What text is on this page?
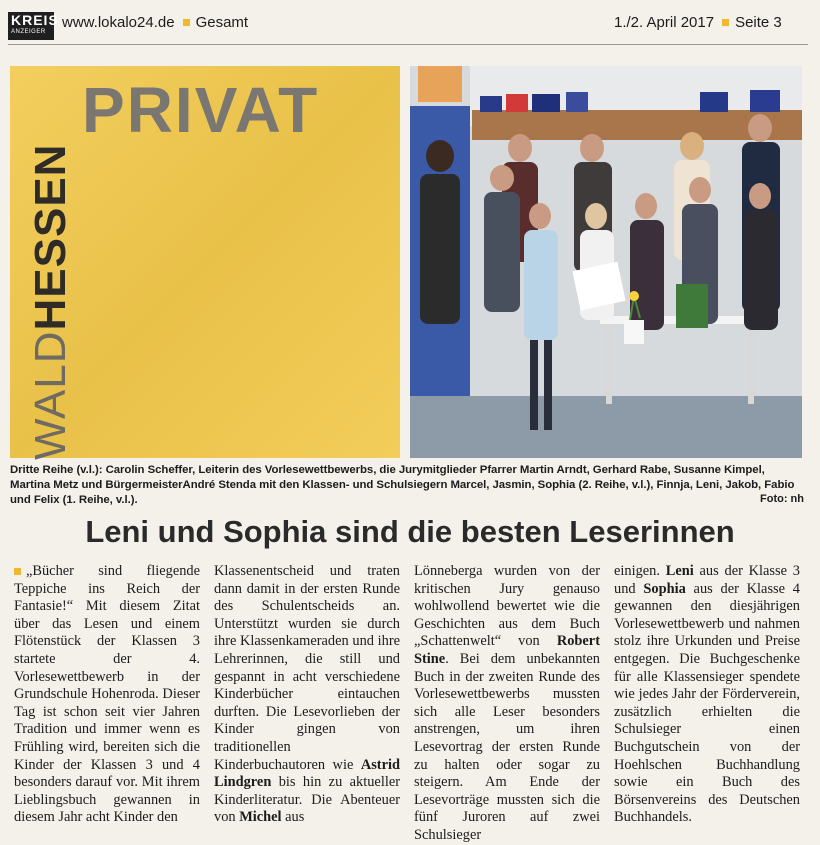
KREIS
ANZEIGER
www.lokalo24.de Gesamt	1./2. April 2017 Seite 3
WALDHESSEN
PRIVAT
Dritte Reihe (v.l.): Carolin Scheffer, Leiterin des Vorlesewettbewerbs, die Jurymitglieder Pfarrer Martin Arndt, Gerhard Rabe, Susanne Kimpel, Martina Metz und BürgermeisterAndré Stenda mit den Klassen- und Schulsiegern Marcel, Jasmin, Sophia (2. Reihe, v.l.), Finnja, Leni, Jakob, Fabio und Felix (1. Reihe, v.l.).	Foto: nh
Leni und Sophia sind die besten Leserinnen

„Bücher sind fliegende Teppiche ins Reich der Fantasie!“ Mit diesem Zitat über das Lesen und einem Flötenstück der Klassen 3 startete der 4. Vorlesewettbewerb in der Grundschule Hohenroda. Dieser Tag ist schon seit vier Jahren Tradition und immer wenn es Frühling wird, bereiten sich die Kinder der Klassen 3 und 4 besonders darauf vor. Mit ihrem Lieblingsbuch gewannen in diesem Jahr acht Kinder den

Klassenentscheid und traten dann damit in der ersten Runde des Schulentscheids an. Unterstützt wurden sie durch ihre Klassenkameraden und ihre Lehrerinnen, die still und gespannt in acht verschiedene Kinderbücher eintauchen durften. Die Lesevorlieben der Kinder gingen von traditionellen Kinderbuchautoren wie Astrid Lindgren bis hin zu aktueller Kinderliteratur. Die Abenteuer von Michel aus

Lönneberga wurden von der kritischen Jury genauso wohlwollend bewertet wie die Geschichten aus dem Buch „Schattenwelt“ von Robert Stine. Bei dem unbekannten Buch in der zweiten Runde des Vorlesewettbewerbs mussten sich alle Leser besonders anstrengen, um ihren Lesevortrag der ersten Runde zu halten oder sogar zu steigern. Am Ende der Lesevorträge mussten sich die fünf Juroren auf zwei Schulsieger

einigen. Leni aus der Klasse 3 und Sophia aus der Klasse 4 gewannen den diesjährigen Vorlesewettbewerb und nahmen stolz ihre Urkunden und Preise entgegen. Die Buchgeschenke für alle Klassensieger spendete wie jedes Jahr der Förderverein, zusätzlich erhielten die Schulsieger einen Buchgutschein von der Hoehlschen Buchhandlung sowie ein Buch des Börsenvereins des Deutschen Buchhandels.
